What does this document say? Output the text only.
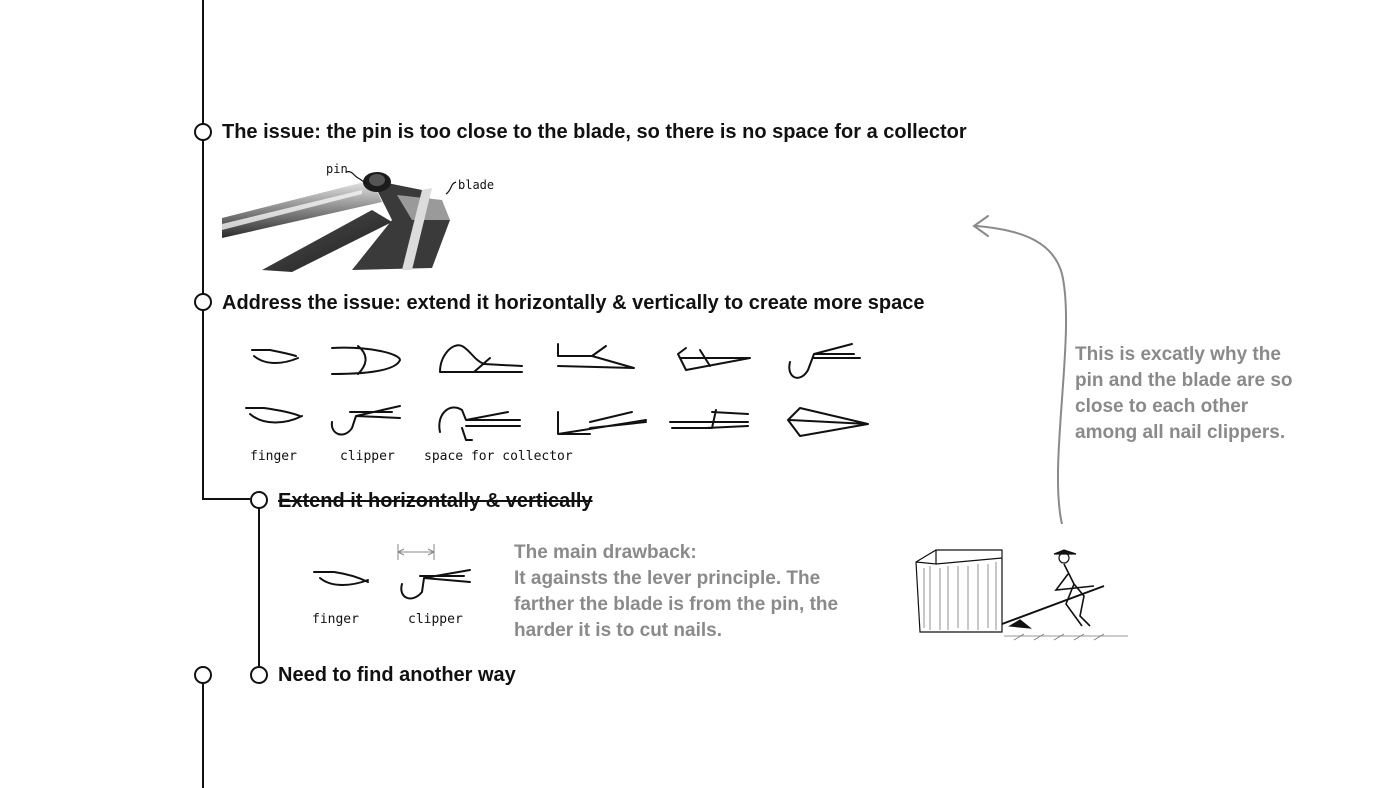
The issue: the pin is too close to the blade, so there is no space for a collector
Address the issue: extend it horizontally & vertically to create more space
Extend it horizontally & vertically
Need to find another way
pin
blade
finger	clipper space for collector
finger	clipper
The main drawback:
It againsts the lever principle. The farther the blade is from the pin, the harder it is to cut nails.
This is excatly why the pin and the blade are so close to each other among all nail clippers.
